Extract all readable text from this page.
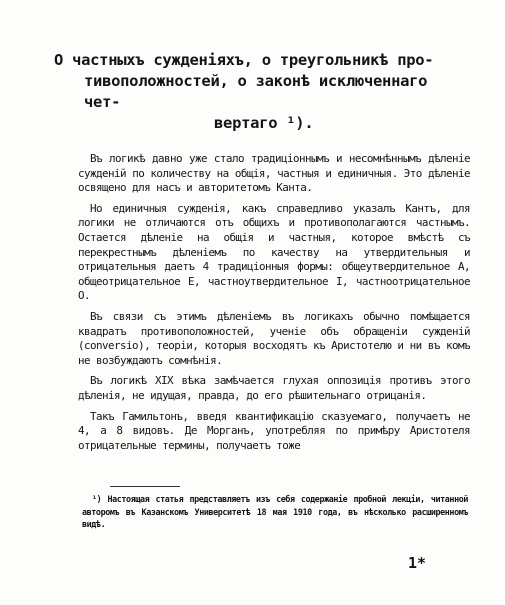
О частныхъ сужденіяхъ, о треугольникѣ про-
тивоположностей, о законѣ исключеннаго чет-
вертаго ¹).

Въ логикѣ давно уже стало традиціоннымъ и несомнѣннымъ дѣленіе сужденій по количеству на общія, частныя и единичныя. Это дѣленіе освящено для насъ и авторитетомъ Канта.

Но единичныя сужденія, какъ справедливо указалъ Кантъ, для логики не отличаются отъ общихъ и противополагаются частнымъ. Остается дѣленіе на общія и частныя, которое вмѣстѣ съ перекрестнымъ дѣленіемъ по качеству на утвердительныя и отрицательныя даетъ 4 традиціонныя формы: общеутвердительное A, общеотрицательное E, частноутвердительное I, частноотрицательное O.

Въ связи съ этимъ дѣленіемъ въ логикахъ обычно помѣщается квадратъ противоположностей, ученіе объ обращеніи сужденій (conversio), теоріи, которыя восходятъ къ Аристотелю и ни въ комъ не возбуждаютъ сомнѣнія.

Въ логикѣ XIX вѣка замѣчается глухая оппозиція противъ этого дѣленія, не идущая, правда, до его рѣшительнаго отрицанія.

Такъ Гамильтонъ, введя квантификацію сказуемаго, получаетъ не 4, а 8 видовъ. Де Морганъ, употребляя по примѣру Аристотеля отрицательные термины, получаетъ тоже

¹) Настоящая статья представляетъ изъ себя содержаніе пробной лекціи, читанной авторомъ въ Казанскомъ Университетѣ 18 мая 1910 года, въ нѣсколько расширенномъ видѣ.

1*
